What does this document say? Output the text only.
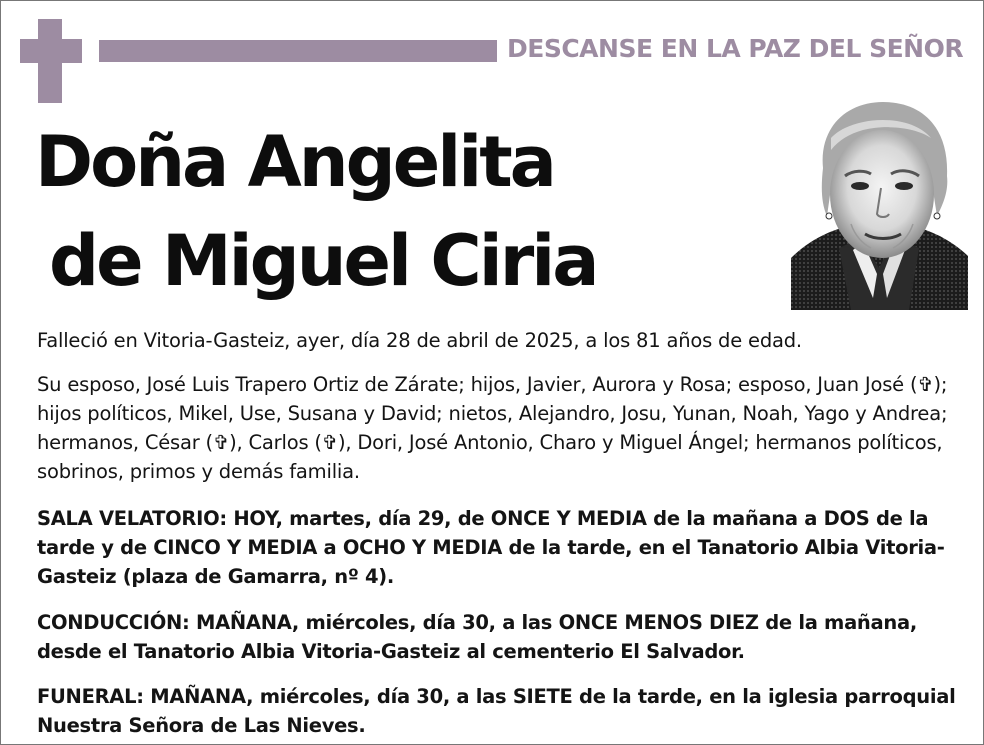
DESCANSE EN LA PAZ DEL SEÑOR
Doña Angelita
de Miguel Ciria

Falleció en Vitoria-Gasteiz, ayer, día 28 de abril de 2025, a los 81 años de edad.

Su esposo, José Luis Trapero Ortiz de Zárate; hijos, Javier, Aurora y Rosa; esposo, Juan José (✞); hijos políticos, Mikel, Use, Susana y David; nietos, Alejandro, Josu, Yunan, Noah, Yago y Andrea; hermanos, César (✞), Carlos (✞), Dori, José Antonio, Charo y Miguel Ángel; hermanos políticos, sobrinos, primos y demás familia.

SALA VELATORIO: HOY, martes, día 29, de ONCE Y MEDIA de la mañana a DOS de la tarde y de CINCO Y MEDIA a OCHO Y MEDIA de la tarde, en el Tanatorio Albia Vitoria-Gasteiz (plaza de Gamarra, nº 4).

CONDUCCIÓN: MAÑANA, miércoles, día 30, a las ONCE MENOS DIEZ de la mañana, desde el Tanatorio Albia Vitoria-Gasteiz al cementerio El Salvador.

FUNERAL: MAÑANA, miércoles, día 30, a las SIETE de la tarde, en la iglesia parroquial Nuestra Señora de Las Nieves.
